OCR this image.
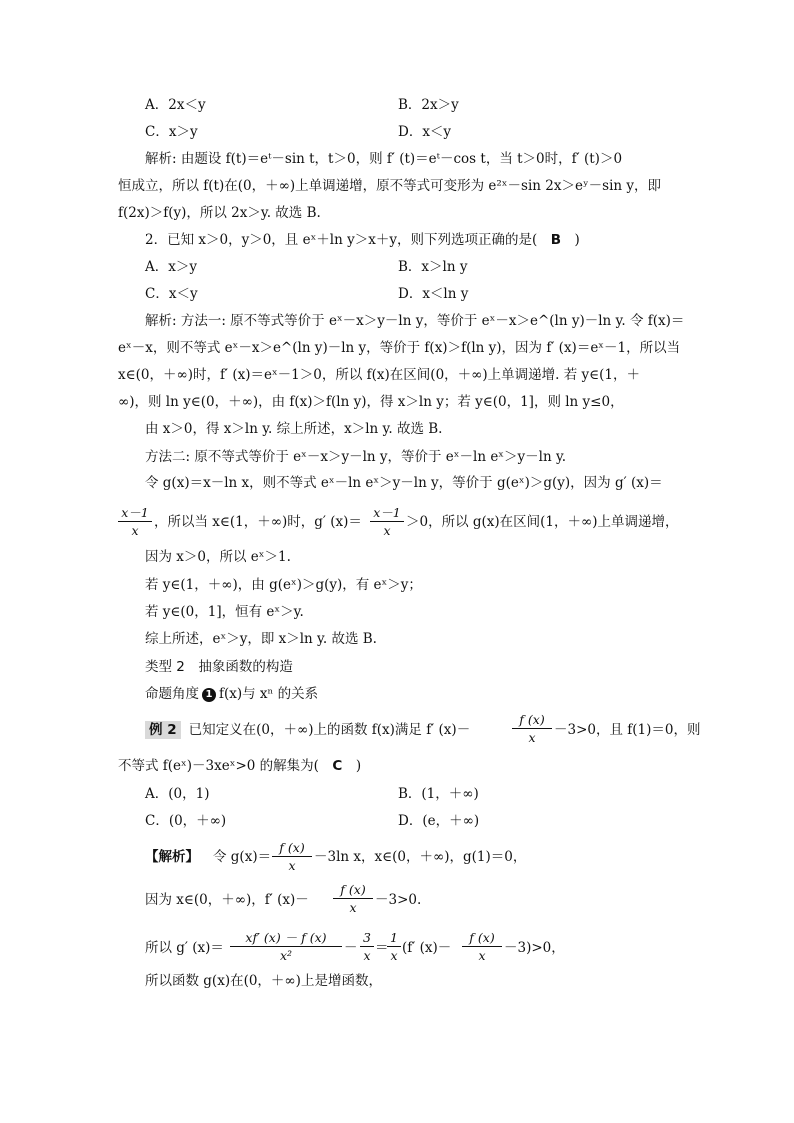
A．2x＜y	B．2x＞y
C．x＞y	D．x＜y
解析: 由题设 f(t)＝eᵗ－sin t，t＞0，则 f′ (t)＝eᵗ－cos t，当 t＞0时，f′ (t)＞0
恒成立，所以 f(t)在(0，＋∞)上单调递增，原不等式可变形为 e²ˣ－sin 2x＞eʸ－sin y，即
f(2x)＞f(y)，所以 2x＞y. 故选 B.
2．已知 x＞0，y＞0，且 eˣ＋ln y＞x＋y，则下列选项正确的是(　B　)
A．x＞y	B．x＞ln y
C．x＜y	D．x＜ln y
解析: 方法一: 原不等式等价于 eˣ－x＞y－ln y，等价于 eˣ－x＞e^(ln y)－ln y. 令 f(x)＝
eˣ－x，则不等式 eˣ－x＞e^(ln y)－ln y，等价于 f(x)＞f(ln y)，因为 f′ (x)＝eˣ－1，所以当
x∈(0，＋∞)时，f′ (x)＝eˣ－1＞0，所以 f(x)在区间(0，＋∞)上单调递增. 若 y∈(1，＋
∞)，则 ln y∈(0，＋∞)，由 f(x)＞f(ln y)，得 x＞ln y；若 y∈(0，1]，则 ln y≤0，
由 x＞0，得 x＞ln y. 综上所述，x＞ln y. 故选 B.
方法二: 原不等式等价于 eˣ－x＞y－ln y，等价于 eˣ－ln eˣ＞y－ln y.
令 g(x)＝x－ln x，则不等式 eˣ－ln eˣ＞y－ln y，等价于 g(eˣ)＞g(y)，因为 g′ (x)＝
$\frac{x-1}{x}$ ，所以当 x∈(1，＋∞)时，g′ $(x)= \frac{x-1}{x} >0$，所以 g(x)在区间(1，＋∞)上单调递增，
因为 x＞0，所以 eˣ＞1.
若 y∈(1，＋∞)，由 g(eˣ)＞g(y)，有 eˣ＞y；
若 y∈(0，1]，恒有 eˣ＞y.
综上所述，eˣ＞y，即 x＞ln y. 故选 B.
类型 2　抽象函数的构造
命题角度 1 f(x)与 xⁿ 的关系
例 2 已知定义在(0，＋∞)上的函数 f(x)满足 f′ (x)－	$\frac{f (x)}{x} -3>0$，且 f(1)＝0，则
不等式 f(eˣ)－3xeˣ>0 的解集为(　C　)
A．(0，1)	B．(1，＋∞)
C．(0，＋∞)	D．(e，＋∞)
【解析】 令 $g(x)= \frac{f (x)}{x} -3\ln$ x，x∈(0，＋∞)，g(1)＝0，
因为 x∈(0，＋∞)，f′ $(x)- \frac{f (x)}{x} -3>0$.
所以 g′ $(x)= \frac{xf' (x) - f (x)}{\text{x²}} - \frac{3}{x}$ ＝
$\frac{1}{x} (f'$ $(x)- \frac{f (x)}{x} -3)>0$，
所以函数 g(x)在(0，＋∞)上是增函数，
